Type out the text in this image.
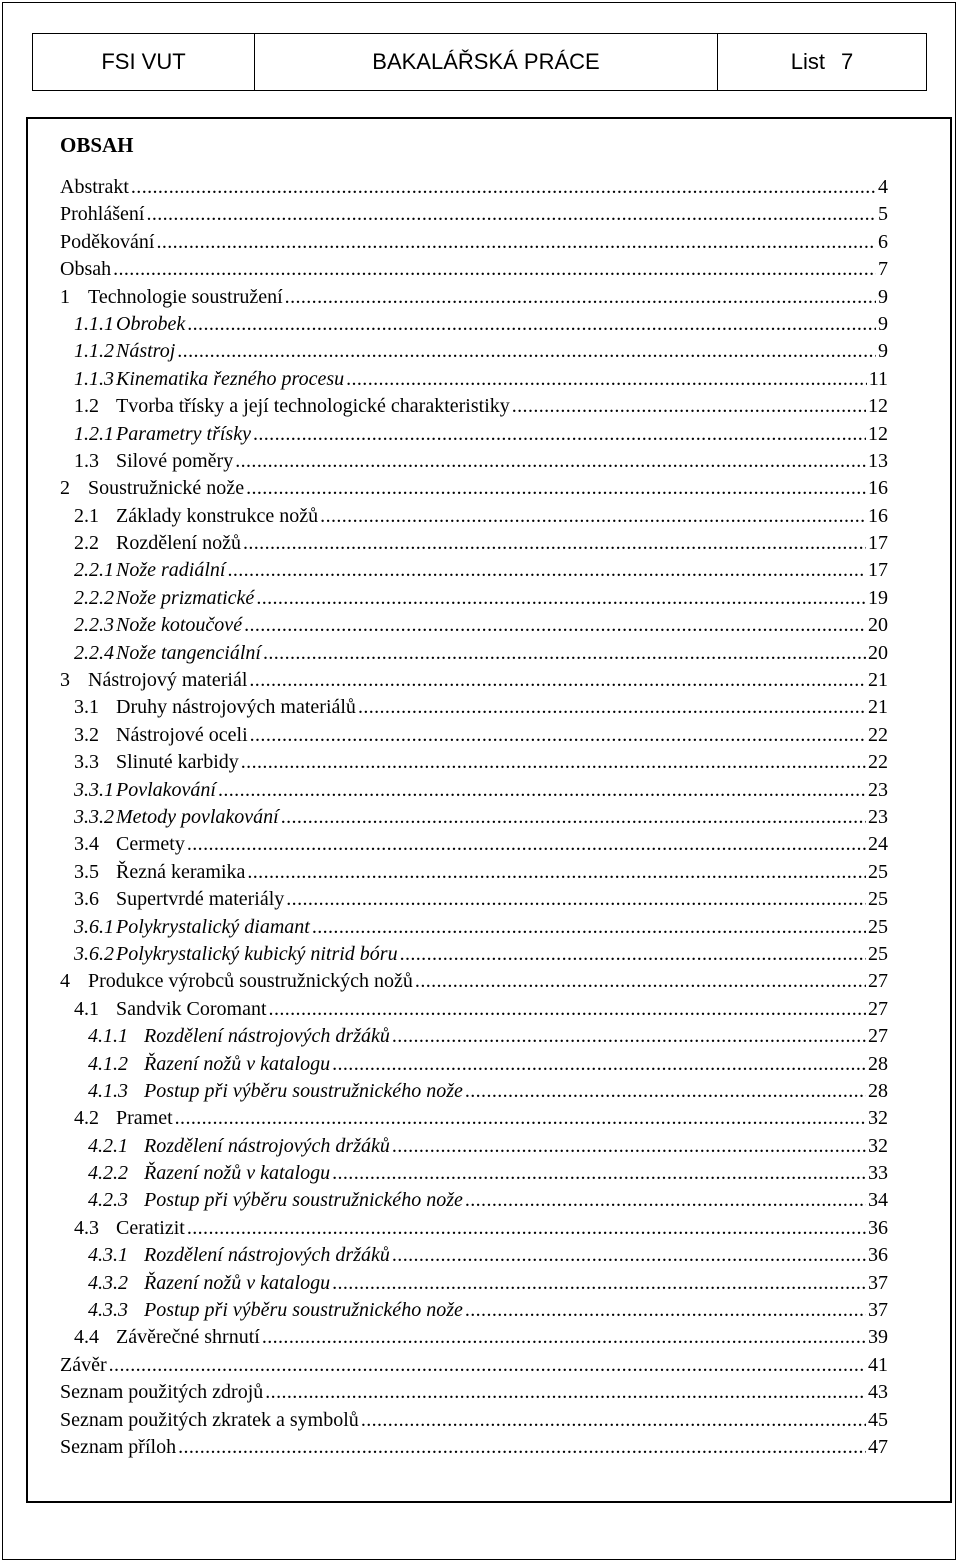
FSI VUT	BAKALÁŘSKÁ PRÁCE	List 7
OBSAH
Abstrakt .....	4
Prohlášení .....	5
Poděkování .....	6
Obsah .....	7
1 Technologie soustružení .....	9
1.1.1 Obrobek .....	9
1.1.2 Nástroj .....	9
1.1.3 Kinematika řezného procesu .....	11
1.2 Tvorba třísky a její technologické charakteristiky .....	12
1.2.1 Parametry třísky .....	12
1.3 Silové poměry .....	13
2 Soustružnické nože .....	16
2.1 Základy konstrukce nožů .....	16
2.2 Rozdělení nožů .....	17
2.2.1 Nože radiální .....	17
2.2.2 Nože prizmatické .....	19
2.2.3 Nože kotoučové .....	20
2.2.4 Nože tangenciální .....	20
3 Nástrojový materiál .....	21
3.1 Druhy nástrojových materiálů .....	21
3.2 Nástrojové oceli .....	22
3.3 Slinuté karbidy .....	22
3.3.1 Povlakování .....	23
3.3.2 Metody povlakování .....	23
3.4 Cermety .....	24
3.5 Řezná keramika .....	25
3.6 Supertvrdé materiály .....	25
3.6.1 Polykrystalický diamant .....	25
3.6.2 Polykrystalický kubický nitrid bóru .....	25
4 Produkce výrobců soustružnických nožů .....	27
4.1 Sandvik Coromant .....	27
4.1.1 Rozdělení nástrojových držáků .....	27
4.1.2 Řazení nožů v katalogu .....	28
4.1.3 Postup při výběru soustružnického nože .....	28
4.2 Pramet .....	32
4.2.1 Rozdělení nástrojových držáků .....	32
4.2.2 Řazení nožů v katalogu .....	33
4.2.3 Postup při výběru soustružnického nože .....	34
4.3 Ceratizit .....	36
4.3.1 Rozdělení nástrojových držáků .....	36
4.3.2 Řazení nožů v katalogu .....	37
4.3.3 Postup při výběru soustružnického nože .....	37
4.4 Závěrečné shrnutí .....	39
Závěr .....	41
Seznam použitých zdrojů .....	43
Seznam použitých zkratek a symbolů .....	45
Seznam příloh .....	47
